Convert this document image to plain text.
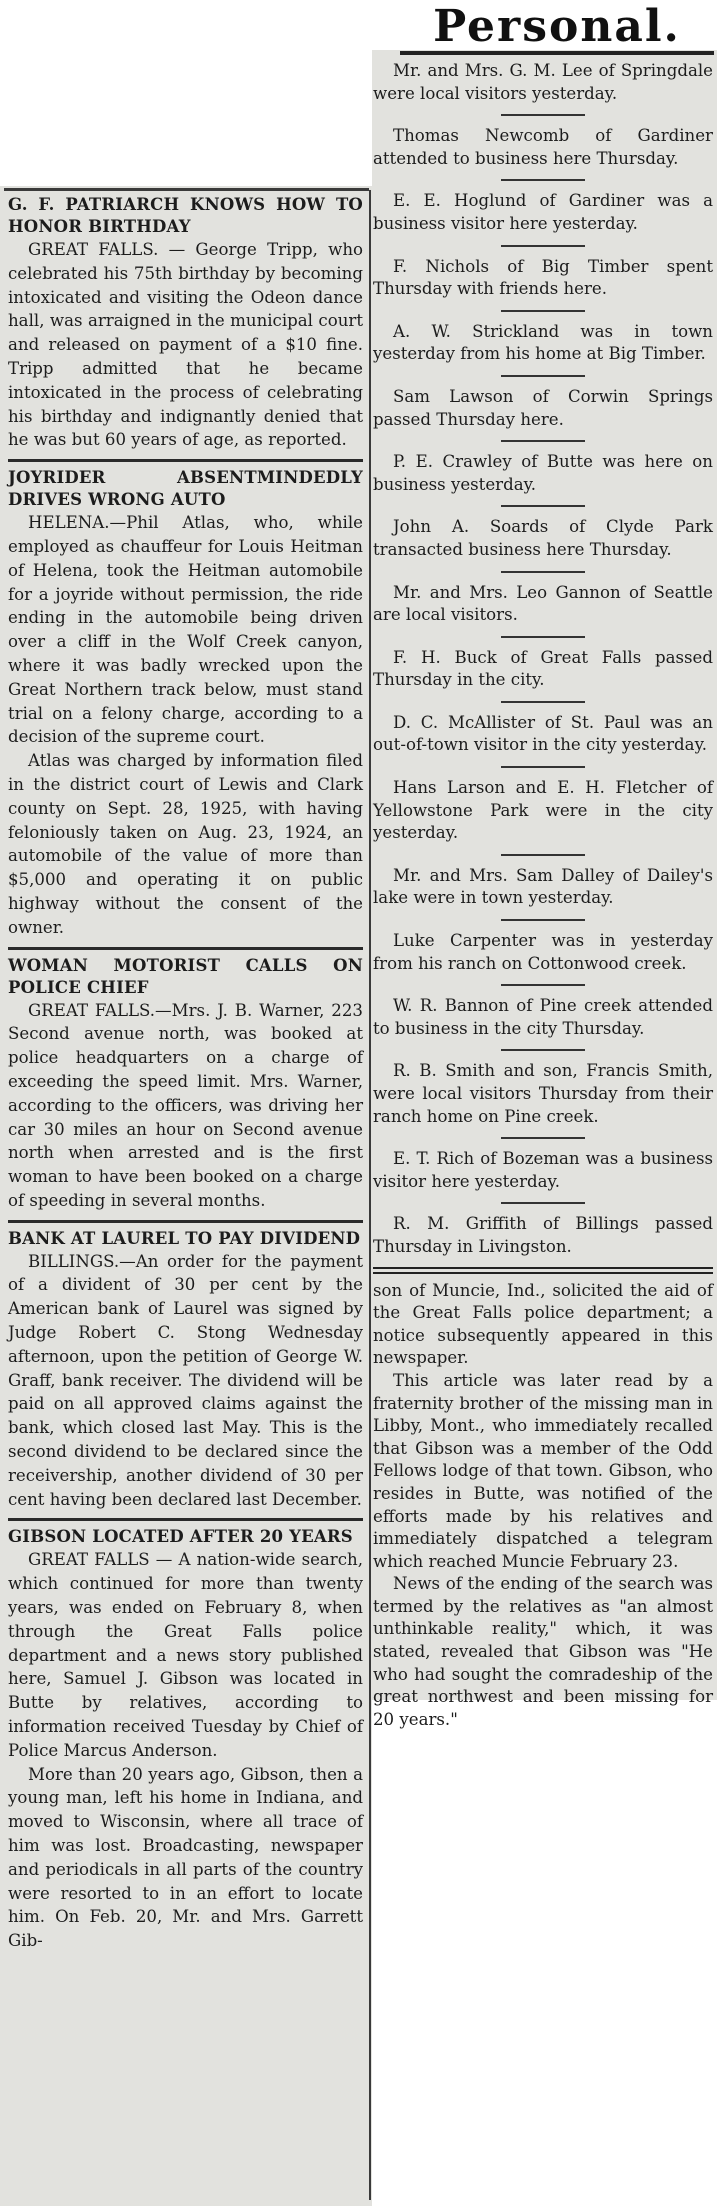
Personal.

G. F. PATRIARCH KNOWS HOW TO HONOR BIRTHDAY

GREAT FALLS. — George Tripp, who celebrated his 75th birthday by becoming intoxicated and visiting the Odeon dance hall, was arraigned in the municipal court and released on payment of a $10 fine. Tripp admitted that he became intoxicated in the process of celebrating his birthday and indignantly denied that he was but 60 years of age, as reported.

JOYRIDER ABSENTMINDEDLY DRIVES WRONG AUTO

HELENA.—Phil Atlas, who, while employed as chauffeur for Louis Heitman of Helena, took the Heitman automobile for a joyride without permission, the ride ending in the automobile being driven over a cliff in the Wolf Creek canyon, where it was badly wrecked upon the Great Northern track below, must stand trial on a felony charge, according to a decision of the supreme court.

Atlas was charged by information filed in the district court of Lewis and Clark county on Sept. 28, 1925, with having feloniously taken on Aug. 23, 1924, an automobile of the value of more than $5,000 and operating it on public highway without the consent of the owner.

WOMAN MOTORIST CALLS ON POLICE CHIEF

GREAT FALLS.—Mrs. J. B. Warner, 223 Second avenue north, was booked at police headquarters on a charge of exceeding the speed limit. Mrs. Warner, according to the officers, was driving her car 30 miles an hour on Second avenue north when arrested and is the first woman to have been booked on a charge of speeding in several months.

BANK AT LAUREL TO PAY DIVIDEND

BILLINGS.—An order for the payment of a divident of 30 per cent by the American bank of Laurel was signed by Judge Robert C. Stong Wednesday afternoon, upon the petition of George W. Graff, bank receiver. The dividend will be paid on all approved claims against the bank, which closed last May. This is the second dividend to be declared since the receivership, another dividend of 30 per cent having been declared last December.

GIBSON LOCATED AFTER 20 YEARS

GREAT FALLS — A nation-wide search, which continued for more than twenty years, was ended on February 8, when through the Great Falls police department and a news story published here, Samuel J. Gibson was located in Butte by relatives, according to information received Tuesday by Chief of Police Marcus Anderson.

More than 20 years ago, Gibson, then a young man, left his home in Indiana, and moved to Wisconsin, where all trace of him was lost. Broadcasting, newspaper and periodicals in all parts of the country were resorted to in an effort to locate him. On Feb. 20, Mr. and Mrs. Garrett Gib-

Mr. and Mrs. G. M. Lee of Springdale were local visitors yesterday.

Thomas Newcomb of Gardiner attended to business here Thursday.

E. E. Hoglund of Gardiner was a business visitor here yesterday.

F. Nichols of Big Timber spent Thursday with friends here.

A. W. Strickland was in town yesterday from his home at Big Timber.

Sam Lawson of Corwin Springs passed Thursday here.

P. E. Crawley of Butte was here on business yesterday.

John A. Soards of Clyde Park transacted business here Thursday.

Mr. and Mrs. Leo Gannon of Seattle are local visitors.

F. H. Buck of Great Falls passed Thursday in the city.

D. C. McAllister of St. Paul was an out-of-town visitor in the city yesterday.

Hans Larson and E. H. Fletcher of Yellowstone Park were in the city yesterday.

Mr. and Mrs. Sam Dalley of Dailey's lake were in town yesterday.

Luke Carpenter was in yesterday from his ranch on Cottonwood creek.

W. R. Bannon of Pine creek attended to business in the city Thursday.

R. B. Smith and son, Francis Smith, were local visitors Thursday from their ranch home on Pine creek.

E. T. Rich of Bozeman was a business visitor here yesterday.

R. M. Griffith of Billings passed Thursday in Livingston.

son of Muncie, Ind., solicited the aid of the Great Falls police department; a notice subsequently appeared in this newspaper.

This article was later read by a fraternity brother of the missing man in Libby, Mont., who immediately recalled that Gibson was a member of the Odd Fellows lodge of that town. Gibson, who resides in Butte, was notified of the efforts made by his relatives and immediately dispatched a telegram which reached Muncie February 23.

News of the ending of the search was termed by the relatives as "an almost unthinkable reality," which, it was stated, revealed that Gibson was "He who had sought the comradeship of the great northwest and been missing for 20 years."
